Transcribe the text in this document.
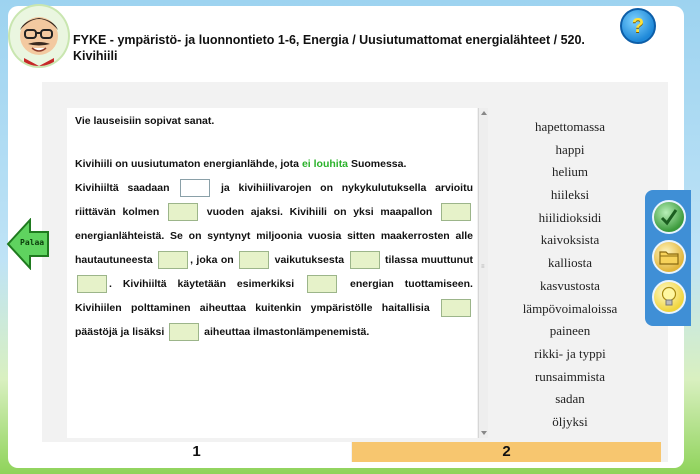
FYKE - ympäristö- ja luonnontieto 1-6, Energia / Uusiutumattomat energialähteet / 520.
Kivihiili
?
≡

Vie lauseisiin sopivat sanat.

Kivihiili on uusiutumaton energianlähde, jota ei louhita Suomessa.
Kivihiiltä saadaan	ja kivihiilivarojen on nykykulutuksella arvioitu riittävän kolmen	vuoden ajaksi. Kivihiili on yksi maapallon  energianlähteistä. Se on syntynyt miljoonia vuosia sitten maakerrosten alle hautautuneesta	, joka on	vaikutuksesta	tilassa muuttunut . Kivihiiltä käytetään esimerkiksi	energian tuottamiseen. Kivihiilen polttaminen aiheuttaa kuitenkin ympäristölle haitallisia päästöjä ja lisäksi	aiheuttaa ilmastonlämpenemistä.

hapettomassa
happi
helium
hiileksi
hiilidioksidi
kaivoksista
kalliosta
kasvustosta
lämpövoimaloissa
paineen
rikki- ja typpi
runsaimmista
sadan
öljyksi
1	2
Palaa
